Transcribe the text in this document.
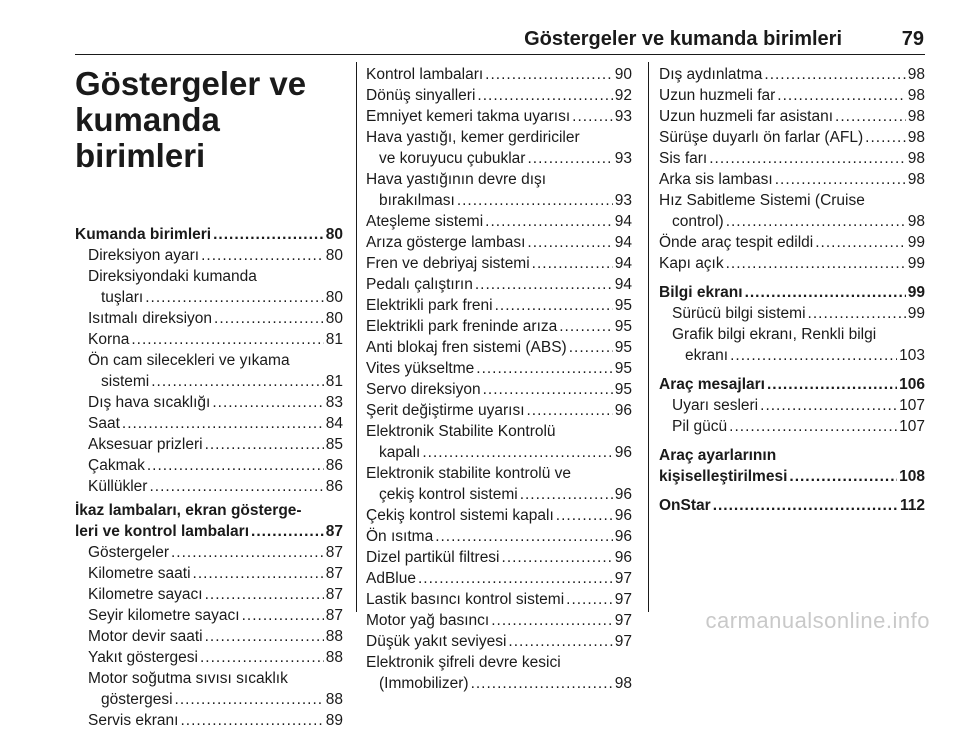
Göstergeler ve kumanda birimleri	79
Göstergeler ve
kumanda birimleri
Kumanda birimleri .....	80
Direksiyon ayarı .....	80
Direksiyondaki kumanda
tuşları .....	80
Isıtmalı direksiyon .....	80
Korna .....	81
Ön cam silecekleri ve yıkama
sistemi .....	81
Dış hava sıcaklığı .....	83
Saat .....	84
Aksesuar prizleri .....	85
Çakmak .....	86
Küllükler .....	86
İkaz lambaları, ekran gösterge-
leri ve kontrol lambaları .....	87
Göstergeler .....	87
Kilometre saati .....	87
Kilometre sayacı .....	87
Seyir kilometre sayacı .....	87
Motor devir saati .....	88
Yakıt göstergesi .....	88
Motor soğutma sıvısı sıcaklık
göstergesi .....	88
Servis ekranı .....	89
Kontrol lambaları .....	90
Dönüş sinyalleri .....	92
Emniyet kemeri takma uyarısı .....	93
Hava yastığı, kemer gerdiriciler
ve koruyucu çubuklar .....	93
Hava yastığının devre dışı
bırakılması .....	93
Ateşleme sistemi .....	94
Arıza gösterge lambası .....	94
Fren ve debriyaj sistemi .....	94
Pedalı çalıştırın .....	94
Elektrikli park freni .....	95
Elektrikli park freninde arıza .....	95
Anti blokaj fren sistemi (ABS) .....	95
Vites yükseltme .....	95
Servo direksiyon .....	95
Şerit değiştirme uyarısı .....	96
Elektronik Stabilite Kontrolü
kapalı .....	96
Elektronik stabilite kontrolü ve
çekiş kontrol sistemi .....	96
Çekiş kontrol sistemi kapalı .....	96
Ön ısıtma .....	96
Dizel partikül filtresi .....	96
AdBlue .....	97
Lastik basıncı kontrol sistemi .....	97
Motor yağ basıncı .....	97
Düşük yakıt seviyesi .....	97
Elektronik şifreli devre kesici
(Immobilizer) .....	98
Dış aydınlatma .....	98
Uzun huzmeli far .....	98
Uzun huzmeli far asistanı .....	98
Sürüşe duyarlı ön farlar (AFL) .....	98
Sis farı .....	98
Arka sis lambası .....	98
Hız Sabitleme Sistemi (Cruise
control) .....	98
Önde araç tespit edildi .....	99
Kapı açık .....	99
Bilgi ekranı .....	99
Sürücü bilgi sistemi .....	99
Grafik bilgi ekranı, Renkli bilgi
ekranı .....	103
Araç mesajları .....	106
Uyarı sesleri .....	107
Pil gücü .....	107
Araç ayarlarının
kişiselleştirilmesi .....	108
OnStar .....	112
carmanualsonline.info
